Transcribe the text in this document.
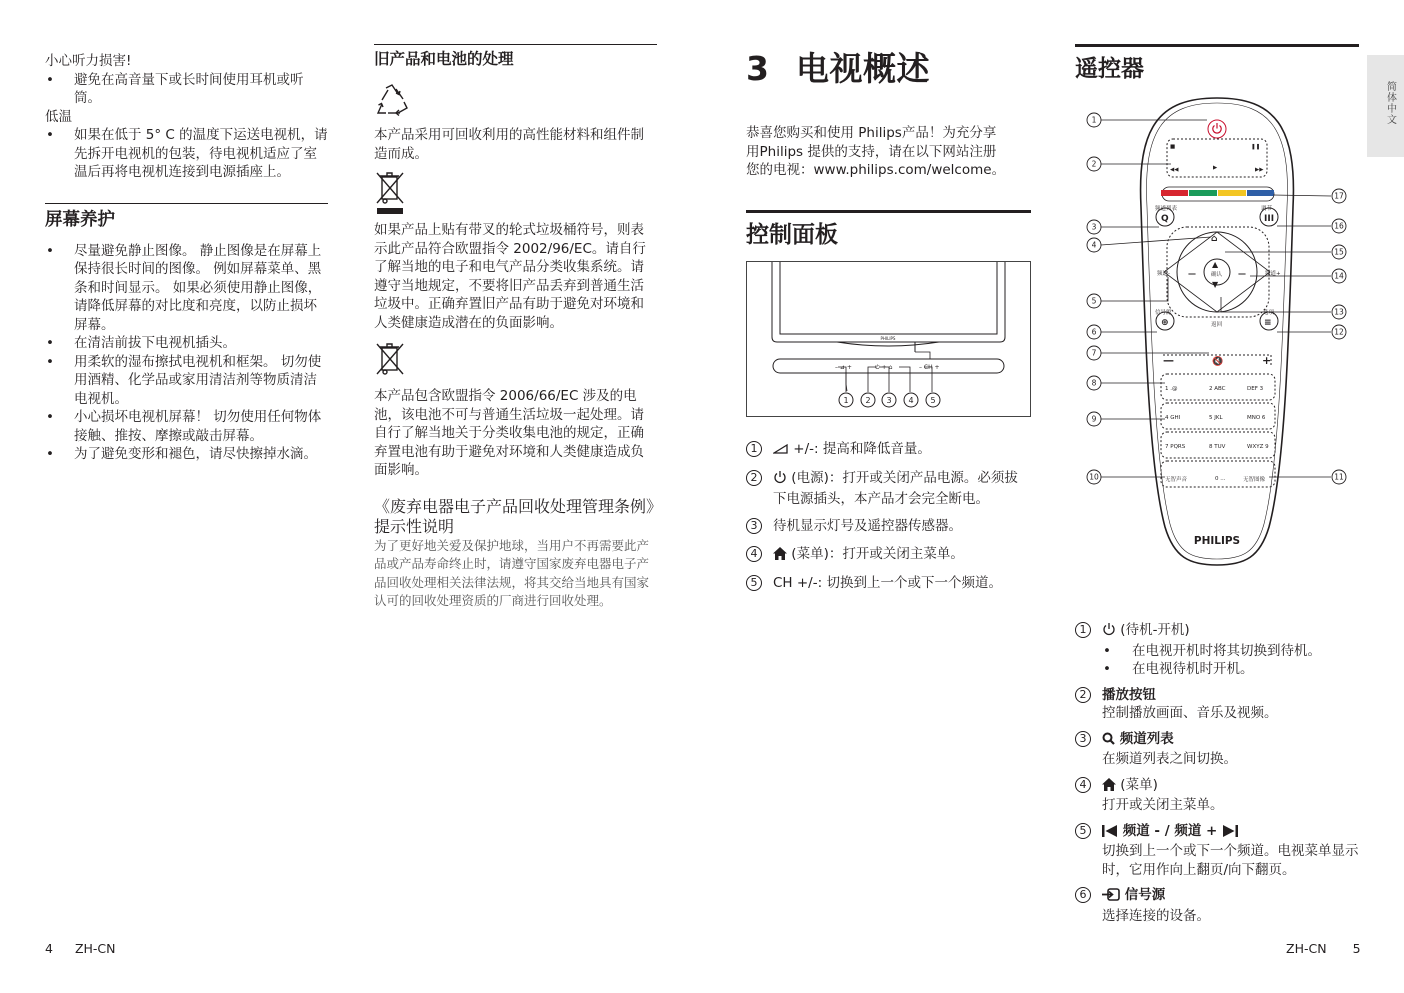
简体中文
小心听力损害!
• 避免在高音量下或长时间使用耳机或听筒。
低温
• 如果在低于 5° C 的温度下运送电视机，请先拆开电视机的包装，待电视机适应了室温后再将电视机连接到电源插座上。
屏幕养护
• 尽量避免静止图像。 静止图像是在屏幕上保持很长时间的图像。 例如屏幕菜单、黑条和时间显示。 如果必须使用静止图像，请降低屏幕的对比度和亮度，以防止损坏屏幕。
• 在清洁前拔下电视机插头。
• 用柔软的湿布擦拭电视机和框架。 切勿使用酒精、化学品或家用清洁剂等物质清洁电视机。
• 小心损坏电视机屏幕！ 切勿使用任何物体接触、推按、摩擦或敲击屏幕。
• 为了避免变形和褪色，请尽快擦掉水滴。
旧产品和电池的处理
本产品采用可回收利用的高性能材料和组件制造而成。
如果产品上贴有带叉的轮式垃圾桶符号，则表示此产品符合欧盟指令 2002/96/EC。请自行了解当地的电子和电气产品分类收集系统。请遵守当地规定，不要将旧产品丢弃到普通生活垃圾中。正确弃置旧产品有助于避免对环境和人类健康造成潜在的负面影响。
本产品包含欧盟指令 2006/66/EC 涉及的电池，该电池不可与普通生活垃圾一起处理。请自行了解当地关于分类收集电池的规定，正确弃置电池有助于避免对环境和人类健康造成负面影响。
《废弃电器电子产品回收处理管理条例》提示性说明
为了更好地关爱及保护地球，当用户不再需要此产品或产品寿命终止时，请遵守国家废弃电器电子产品回收处理相关法律法规，将其交给当地具有国家认可的回收处理资质的厂商进行回收处理。
3 电视概述
恭喜您购买和使用 Philips产品！为充分享用Philips 提供的支持，请在以下网站注册您的电视：www.philips.com/welcome。
控制面板
PHILIPS
– ⊿ +	⏻ + ⌂	– CH +
1 2 3 4 5
1	+/-: 提高和降低音量。
2	(电源)：打开或关闭产品电源。必须拔下电源插头，本产品才会完全断电。
3	待机显示灯号及遥控器传感器。
4	(菜单)：打开或关闭主菜单。
5	CH +/-: 切换到上一个或下一个频道。
遥控器
■	❚❚
◀◀	▶	▶▶
频道列表	调节
确认
频道-	频道+
信号源	选项
返回
无智声音	无智图像
1 .@	2 ABC	DEF 3
4 GHI	5 JKL	MNO 6
7 PQRS	8 TUV	WXYZ 9
0 ...
—	+
🔇
▲
▼
—	—
Q	III
⊕	≡
⌂
PHILIPS
1
2
3
4
5
6
7
8
9
10	11
12
13
14
15
16
17
1	(待机-开机)
• 在电视开机时将其切换到待机。
• 在电视待机时开机。
2	播放按钮
控制播放画面、音乐及视频。
3	频道列表
在频道列表之间切换。
4	(菜单)
打开或关闭主菜单。
5	频道 - / 频道 +
切换到上一个或下一个频道。电视菜单显示时，它用作向上翻页/向下翻页。
6	信号源
选择连接的设备。
4 ZH-CN	ZH-CN 5
